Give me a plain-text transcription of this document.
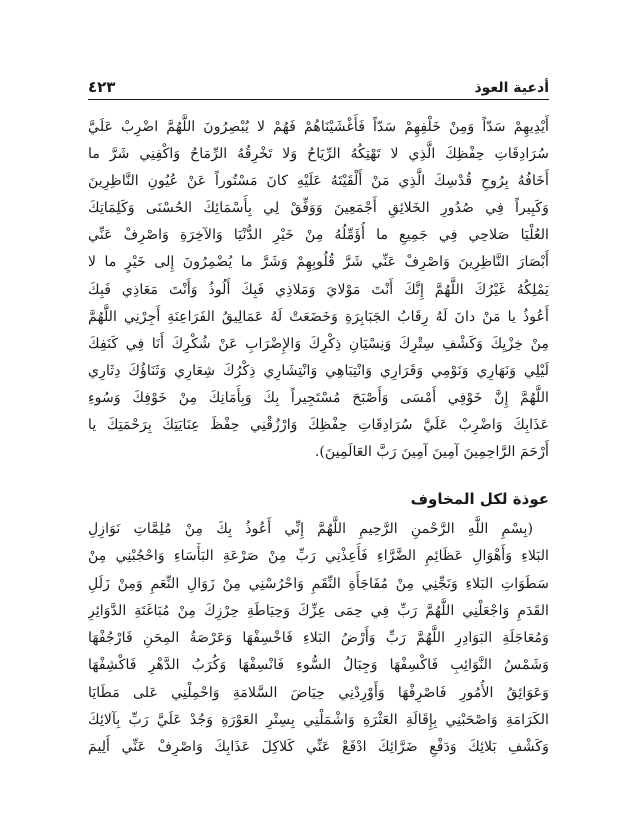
أدعية العوذ
٤٢٣
أَيْدِيهِمْ سَدّاً وَمِنْ خَلْفِهِمْ سَدّاً فَأَغْشَيْنَاهُمْ فَهُمْ لا يُبْصِرُونَ اللَّهُمَّ اضْرِبْ عَلَيَّ
سُرَادِقَاتِ حِفْظِكَ الَّذِي لا تَهْتِكُهُ الرِّيَاحُ وَلا تَخْرِقُهُ الرِّمَاحُ وَاكْفِنِي شَرَّ ما
أَخَافُهُ بِرُوحِ قُدْسِكَ الَّذِي مَنْ أَلْقَيْتَهُ عَلَيْهِ كانَ مَسْتُوراً عَنْ عُيُونِ النَّاظِرِينَ
وَكَبِيراً فِي صُدُورِ الخَلائِقِ أَجْمَعِينَ وَوَفِّقْ لِي بِأَسْمَائِكَ الحُسْنَى وَكَلِمَاتِكَ
العُلْيَا صَلاحِي فِي جَمِيعِ ما أُؤَمِّلُهُ مِنْ خَيْرِ الدُّنْيَا وَالآخِرَةِ وَاصْرِفْ عَنِّي
أَبْصَارَ النَّاظِرِينَ وَاصْرِفْ عَنِّي شَرَّ قُلُوبِهِمْ وَشَرَّ ما يُضْمِرُونَ إِلى خَيْرٍ ما لا
يَمْلِكُهُ غَيْرُكَ اللَّهُمَّ إِنَّكَ أَنْتَ مَوْلايَ وَمَلاذِي فَبِكَ أَلُوذُ وَأَنْتَ مَعَاذِي فَبِكَ
أَعُوذُ يا مَنْ دانَ لَهُ رِقَابُ الجَبَابِرَةِ وَخَضَعَتْ لَهُ عَمَالِيقُ الفَرَاعِنَةِ أَجِرْنِي اللَّهُمَّ
مِنْ خِزْيِكَ وَكَشْفِ سِتْرِكَ وَنِسْيَانِ ذِكْرِكَ وَالإِضْرَابِ عَنْ شُكْرِكَ أَنَا فِي كَنَفِكَ
لَيْلِي وَنَهَارِي وَنَوْمِي وَقَرَارِي وَانْتِبَاهِي وَانْتِشَارِي ذِكْرُكَ شِعَارِي وَثَنَاؤُكَ دِثَارِي
اللَّهُمَّ إِنَّ خَوْفِي أَمْسَى وَأَصْبَحَ مُسْتَجِيراً بِكَ وَبِأَمَانِكَ مِنْ خَوْفِكَ وَسُوءِ
عَذَابِكَ وَاضْرِبْ عَلَيَّ سُرَادِقَاتِ حِفْظِكَ وَارْزُقْنِي حِفْظَ عِنَايَتِكَ بِرَحْمَتِكَ يا
أَرْحَمَ الرَّاحِمِينَ آمِينَ آمِينَ رَبَّ العَالَمِينَ).
عوذة لكل المخاوف
(بِسْمِ اللَّهِ الرَّحْمنِ الرَّحِيمِ اللَّهُمَّ إِنِّي أَعُوذُ بِكَ مِنْ مُلِمَّاتِ نَوَازِلِ
البَلاءِ وَأَهْوَالِ عَظَائِمِ الضَّرَّاءِ فَأَعِذْنِي رَبِّ مِنْ صَرْعَةِ البَأْسَاءِ وَاحْجُبْنِي مِنْ
سَطَوَاتِ البَلاءِ وَنَجِّنِي مِنْ مُفَاجَأَةِ النِّقَمِ وَاحْرُسْنِي مِنْ زَوَالِ النِّعَمِ وَمِنْ زَلَلِ
القَدَمِ وَاجْعَلْنِي اللَّهُمَّ رَبِّ فِي حِمَى عِزِّكَ وَحِيَاطَةِ حِرْزِكَ مِنْ مُبَاغَتَةِ الدَّوَائِرِ
وَمُعَاجَلَةِ البَوَادِرِ اللَّهُمَّ رَبِّ وَأَرْضُ البَلاءِ فَاخْسِفْهَا وَعَرْصَةُ المِحَنِ فَارْجُفْهَا
وَشَمْسُ النَّوَائِبِ فَاكْسِفْهَا وَجِبَالُ السُّوءِ فَانْسِفْهَا وَكُرَبُ الدَّهْرِ فَاكْشِفْهَا
وَعَوَائِقُ الأُمُورِ فَاصْرِفْهَا وَأَوْرِدْنِي حِيَاضَ السَّلامَةِ وَاحْمِلْنِي عَلى مَطَايَا
الكَرَامَةِ وَاصْحَبْنِي بِإِقَالَةِ العَثْرَةِ وَاشْمَلْنِي بِسِتْرِ العَوْرَةِ وَجُدْ عَلَيَّ رَبِّ بِآلائِكَ
وَكَشْفِ بَلائِكَ وَدَفْعِ ضَرَّائِكَ ادْفَعْ عَنِّي كَلاكِلَ عَذَابِكَ وَاصْرِفْ عَنِّي أَلِيمَ
